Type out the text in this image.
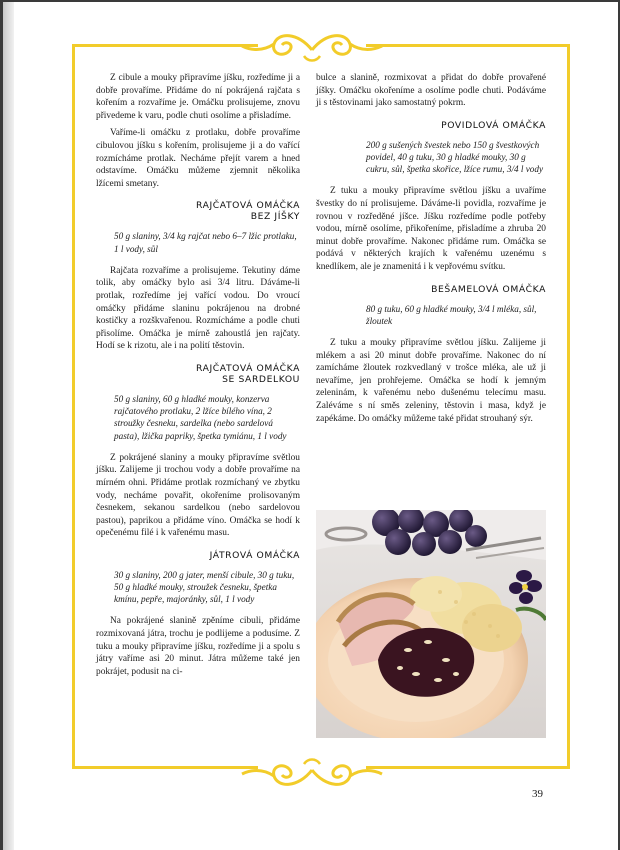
Z cibule a mouky připravíme jíšku, rozředíme ji a dobře provaříme. Přidáme do ní pokrájená rajčata s kořením a rozvaříme je. Omáčku prolisujeme, znovu přivedeme k varu, podle chuti osolíme a přisladíme.

Vaříme-li omáčku z protlaku, dobře provaříme cibulovou jíšku s kořením, prolisujeme ji a do vařící rozmícháme protlak. Necháme přejít varem a hned odstavíme. Omáčku můžeme zjemnit několika lžícemi smetany.

RAJČATOVÁ OMÁČKA
BEZ JÍŠKY
50 g slaniny, 3/4 kg rajčat nebo 6–7 lžic protlaku, 1 l vody, sůl

Rajčata rozvaříme a prolisujeme. Tekutiny dáme tolik, aby omáčky bylo asi 3/4 litru. Dáváme-li protlak, rozředíme jej vařící vodou. Do vroucí omáčky přidáme slaninu pokrájenou na drobné kostičky a rozškvařenou. Rozmícháme a podle chuti přisolíme. Omáčka je mírně zahoustlá jen rajčaty. Hodí se k rizotu, ale i na polití těstovin.

RAJČATOVÁ OMÁČKA
SE SARDELKOU
50 g slaniny, 60 g hladké mouky, konzerva rajčatového protlaku, 2 lžíce bílého vína, 2 stroužky česneku, sardelka (nebo sardelová pasta), lžička papriky, špetka tymiánu, 1 l vody

Z pokrájené slaniny a mouky připravíme světlou jíšku. Zalijeme ji trochou vody a dobře provaříme na mírném ohni. Přidáme protlak rozmíchaný ve zbytku vody, necháme povařit, okořeníme prolisovaným česnekem, sekanou sardelkou (nebo sardelovou pastou), paprikou a přidáme víno. Omáčka se hodí k opečenému filé i k vařenému masu.

JÁTROVÁ OMÁČKA
30 g slaniny, 200 g jater, menší cibule, 30 g tuku, 50 g hladké mouky, stroužek česneku, špetka kmínu, pepře, majoránky, sůl, 1 l vody

Na pokrájené slanině zpěníme cibuli, přidáme rozmixovaná játra, trochu je podlijeme a podusíme. Z tuku a mouky připravíme jíšku, rozředíme ji a spolu s játry vaříme asi 20 minut. Játra můžeme také jen pokrájet, podusit na ci-

bulce a slanině, rozmixovat a přidat do dobře provařené jíšky. Omáčku okořeníme a osolíme podle chuti. Podáváme ji s těstovinami jako samostatný pokrm.

POVIDLOVÁ OMÁČKA
200 g sušených švestek nebo 150 g švestkových povidel, 40 g tuku, 30 g hladké mouky, 30 g cukru, sůl, špetka skořice, lžíce rumu, 3/4 l vody

Z tuku a mouky připravíme světlou jíšku a uvaříme švestky do ní prolisujeme. Dáváme-li povidla, rozvaříme je rovnou v rozředěné jíšce. Jíšku rozředíme podle potřeby vodou, mírně osolíme, přikořeníme, přisladíme a zhruba 20 minut dobře provaříme. Nakonec přidáme rum. Omáčka se podává v některých krajích k vařenému uzenému s knedlíkem, ale je znamenitá i k vepřovému svítku.

BEŠAMELOVÁ OMÁČKA
80 g tuku, 60 g hladké mouky, 3/4 l mléka, sůl, žloutek

Z tuku a mouky připravíme světlou jíšku. Zalijeme ji mlékem a asi 20 minut dobře provaříme. Nakonec do ní zamícháme žloutek rozkvedlaný v trošce mléka, ale už ji nevaříme, jen prohřejeme. Omáčka se hodí k jemným zeleninám, k vařenému nebo dušenému telecímu masu. Zaléváme s ní směs zeleniny, těstovin i masa, když je zapékáme. Do omáčky můžeme také přidat strouhaný sýr.

39
